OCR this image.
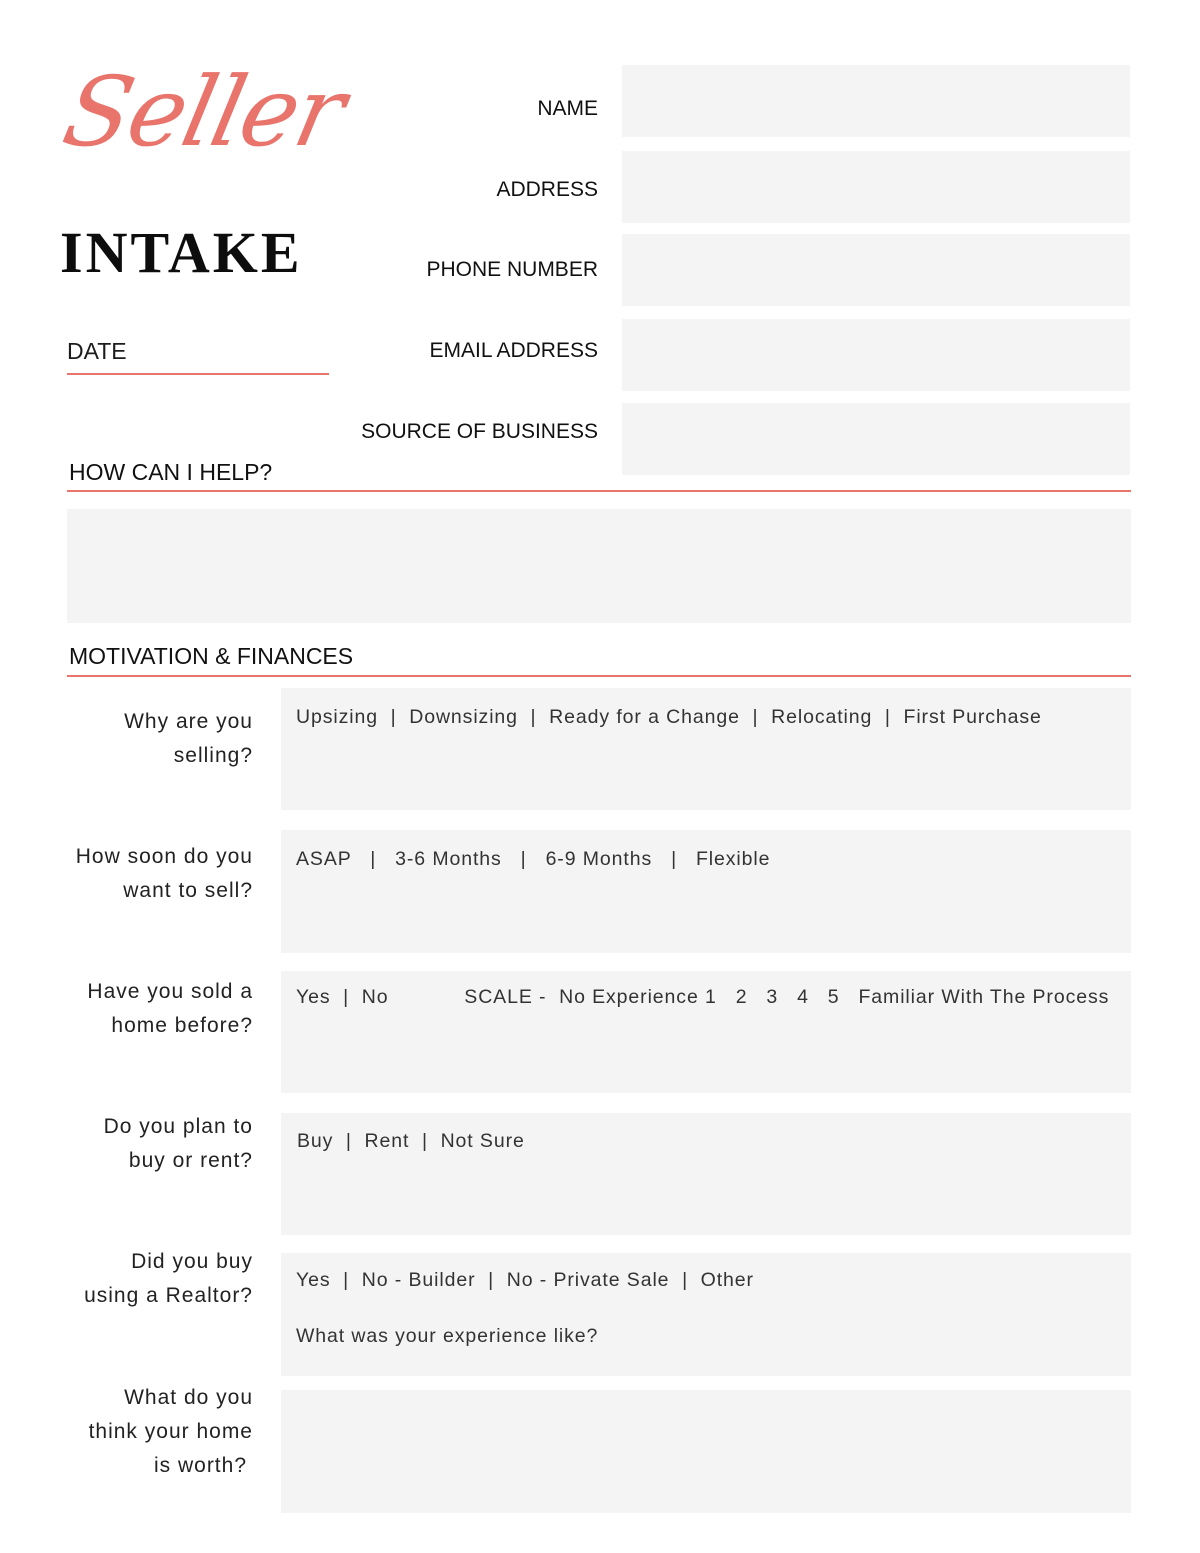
Seller
INTAKE
NAME
ADDRESS
PHONE NUMBER
EMAIL ADDRESS
SOURCE OF BUSINESS
DATE
HOW CAN I HELP?
MOTIVATION & FINANCES
Why are you
selling?
Upsizing  |  Downsizing  |  Ready for a Change  |  Relocating  |  First Purchase
How soon do you
want to sell?
ASAP   |   3-6 Months   |   6-9 Months   |   Flexible
Have you sold a
home before?
Yes  |  No            SCALE -  No Experience 1   2   3   4   5   Familiar With The Process
Do you plan to
buy or rent?
Buy  |  Rent  |  Not Sure
Did you buy
using a Realtor?
Yes  |  No - Builder  |  No - Private Sale  |  Other
What was your experience like?
What do you
think your home
is worth?
